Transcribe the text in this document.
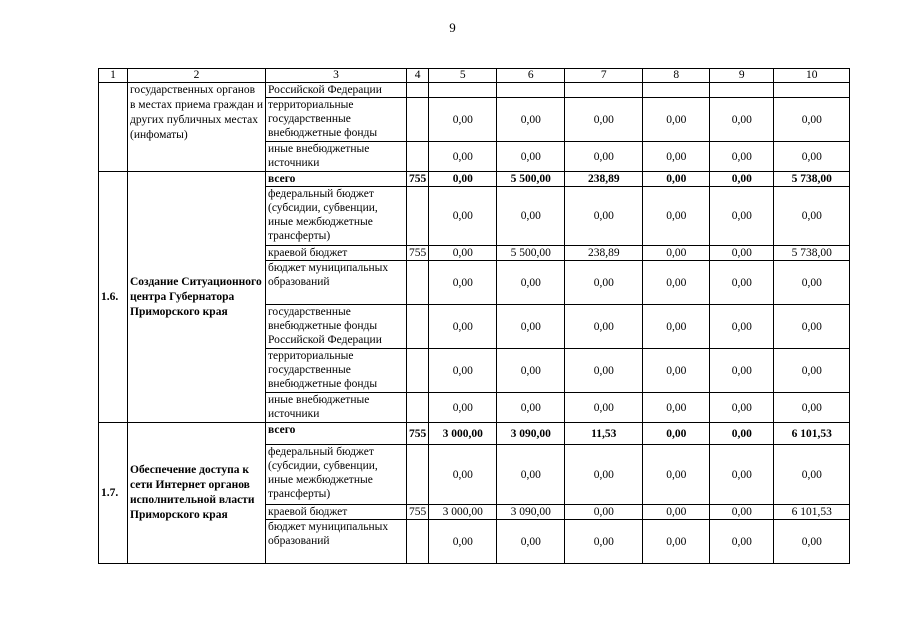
9
1	2	3	4	5	6	7	8	9	10
	государственных органов в местах приема граждан и других публичных местах (инфоматы)	Российской Федерации							
		территориальные государственные внебюджетные фонды		0,00	0,00	0,00	0,00	0,00	0,00
		иные внебюджетные источники		0,00	0,00	0,00	0,00	0,00	0,00
1.6.	Создание Ситуационного центра Губернатора Приморского края	всего	755	0,00	5 500,00	238,89	0,00	0,00	5 738,00
		федеральный бюджет (субсидии, субвенции, иные межбюджетные трансферты)		0,00	0,00	0,00	0,00	0,00	0,00
		краевой бюджет	755	0,00	5 500,00	238,89	0,00	0,00	5 738,00
		бюджет муниципальных образований		0,00	0,00	0,00	0,00	0,00	0,00
		государственные внебюджетные фонды Российской Федерации		0,00	0,00	0,00	0,00	0,00	0,00
		территориальные государственные внебюджетные фонды		0,00	0,00	0,00	0,00	0,00	0,00
		иные внебюджетные источники		0,00	0,00	0,00	0,00	0,00	0,00
1.7.	Обеспечение доступа к сети Интернет органов исполнительной власти Приморского края	всего	755	3 000,00	3 090,00	11,53	0,00	0,00	6 101,53
		федеральный бюджет (субсидии, субвенции, иные межбюджетные трансферты)		0,00	0,00	0,00	0,00	0,00	0,00
		краевой бюджет	755	3 000,00	3 090,00	0,00	0,00	0,00	6 101,53
		бюджет муниципальных образований		0,00	0,00	0,00	0,00	0,00	0,00
